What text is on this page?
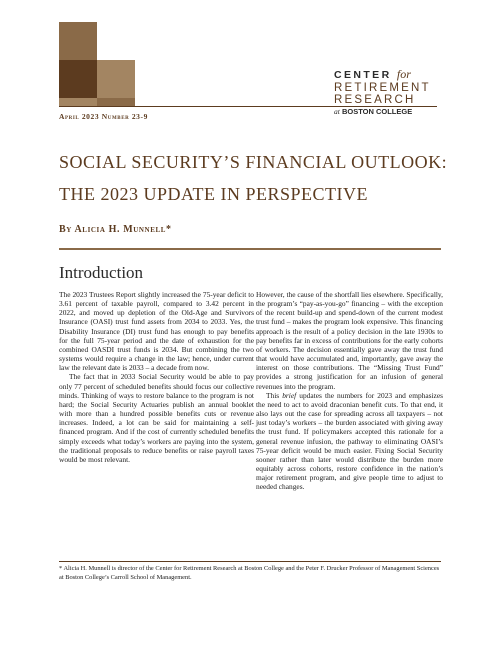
CENTER for
RETIREMENT
RESEARCH
at BOSTON COLLEGE
April 2023 Number 23-9
SOCIAL SECURITY’S FINANCIAL OUTLOOK:
THE 2023 UPDATE IN PERSPECTIVE
By Alicia H. Munnell*
Introduction

The 2023 Trustees Report slightly increased the 75-year deficit to 3.61 percent of taxable payroll, compared to 3.42 percent in 2022, and moved up depletion of the Old-Age and Survivors Insurance (OASI) trust fund assets from 2034 to 2033. Yes, the Disability Insurance (DI) trust fund has enough to pay benefits for the full 75-year period and the date of exhaustion for the combined OASDI trust funds is 2034. But combining the two systems would require a change in the law; hence, under current law the relevant date is 2033 – a decade from now.

The fact that in 2033 Social Security would be able to pay only 77 percent of scheduled benefits should focus our collective minds. Thinking of ways to restore balance to the program is not hard; the Social Security Actuaries publish an annual booklet with more than a hundred possible benefits cuts or revenue increases. Indeed, a lot can be said for maintaining a self-financed program. And if the cost of currently scheduled benefits simply exceeds what today’s workers are paying into the system, the traditional proposals to reduce benefits or raise payroll taxes would be most relevant.

However, the cause of the shortfall lies elsewhere. Specifically, the program’s “pay-as-you-go” financing – with the exception of the recent build-up and spend-down of the current modest trust fund – makes the program look expensive. This financing approach is the result of a policy decision in the late 1930s to pay benefits far in excess of contributions for the early cohorts of workers. The decision essentially gave away the trust fund that would have accumulated and, importantly, gave away the interest on those contributions. The “Missing Trust Fund” provides a strong justification for an infusion of general revenues into the program.

This brief updates the numbers for 2023 and emphasizes the need to act to avoid draconian benefit cuts. To that end, it also lays out the case for spreading across all taxpayers – not just today’s workers – the burden associated with giving away the trust fund. If policymakers accepted this rationale for a general revenue infusion, the pathway to eliminating OASI’s 75-year deficit would be much easier. Fixing Social Security sooner rather than later would distribute the burden more equitably across cohorts, restore confidence in the nation’s major retirement program, and give people time to adjust to needed changes.

* Alicia H. Munnell is director of the Center for Retirement Research at Boston College and the Peter F. Drucker Professor of Management Sciences at Boston College’s Carroll School of Management.
